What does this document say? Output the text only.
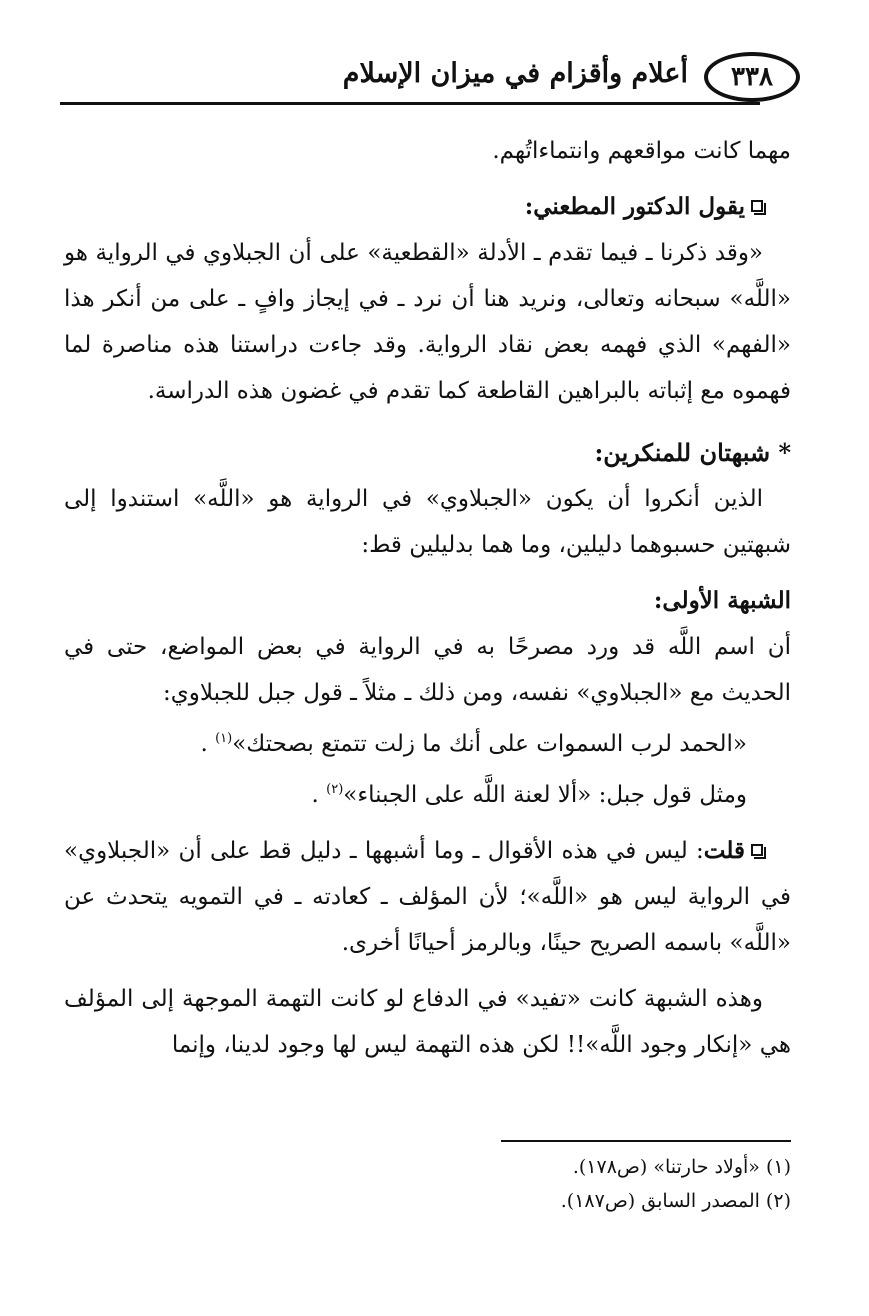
٣٣٨
أعلام وأقزام في ميزان الإسلام

مهما كانت مواقعهم وانتماءاتُهم.

يقول الدكتور المطعني:

«وقد ذكرنا ـ فيما تقدم ـ الأدلة «القطعية» على أن الجبلاوي في الرواية هو «اللَّه» سبحانه وتعالى، ونريد هنا أن نرد ـ في إيجاز وافٍ ـ على من أنكر هذا «الفهم» الذي فهمه بعض نقاد الرواية. وقد جاءت دراستنا هذه مناصرة لما فهموه مع إثباته بالبراهين القاطعة كما تقدم في غضون هذه الدراسة.

* شبهتان للمنكرين:

الذين أنكروا أن يكون «الجبلاوي» في الرواية هو «اللَّه» استندوا إلى شبهتين حسبوهما دليلين، وما هما بدليلين قط:

الشبهة الأولى:

أن اسم اللَّه قد ورد مصرحًا به في الرواية في بعض المواضع، حتى في الحديث مع «الجبلاوي» نفسه، ومن ذلك ـ مثلاً ـ قول جبل للجبلاوي:

«الحمد لرب السموات على أنك ما زلت تتمتع بصحتك»$^{(١)}$ .

ومثل قول جبل: «ألا لعنة اللَّه على الجبناء»$^{(٢)}$ .

قلت: ليس في هذه الأقوال ـ وما أشبهها ـ دليل قط على أن «الجبلاوي» في الرواية ليس هو «اللَّه»؛ لأن المؤلف ـ كعادته ـ في التمويه يتحدث عن «اللَّه» باسمه الصريح حينًا، وبالرمز أحيانًا أخرى.

وهذه الشبهة كانت «تفيد» في الدفاع لو كانت التهمة الموجهة إلى المؤلف هي «إنكار وجود اللَّه»!! لكن هذه التهمة ليس لها وجود لدينا، وإنما

(١) «أولاد حارتنا» (ص١٧٨).

(٢) المصدر السابق (ص١٨٧).
